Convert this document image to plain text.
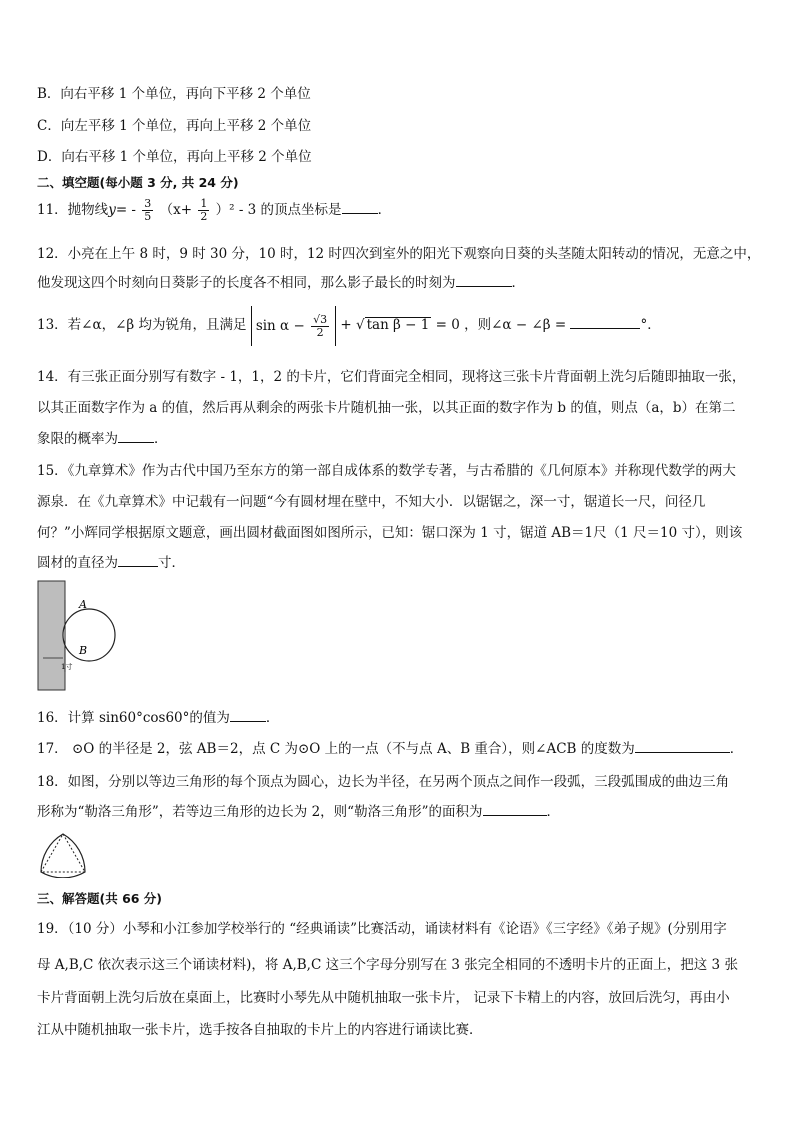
B．向右平移 1 个单位，再向下平移 2 个单位
C．向左平移 1 个单位，再向上平移 2 个单位
D．向右平移 1 个单位，再向上平移 2 个单位
二、填空题(每小题 3 分, 共 24 分)
11．抛物线$y= - \frac{3}{5} (x+ \frac{1}{2} )^2 - 3$ 的顶点坐标是	．
12．小亮在上午 8 时，9 时 30 分，10 时，12 时四次到室外的阳光下观察向日葵的头茎随太阳转动的情况，无意之中，
他发现这四个时刻向日葵影子的长度各不相同，那么影子最长的时刻为	．
13．若∠α，∠β 均为锐角，且满足 $\sin \alpha - \frac{√3}{2}$ + √ tan β − 1 = 0 ，则∠α − ∠β =	°．
14．有三张正面分别写有数字 - 1，1，2 的卡片，它们背面完全相同，现将这三张卡片背面朝上洗匀后随即抽取一张，
以其正面数字作为 a 的值，然后再从剩余的两张卡片随机抽一张，以其正面的数字作为 b 的值，则点（a，b）在第二
象限的概率为	．
15．《九章算术》作为古代中国乃至东方的第一部自成体系的数学专著，与古希腊的《几何原本》并称现代数学的两大
源泉．在《九章算术》中记载有一问题“今有圆材埋在壁中，不知大小．以锯锯之，深一寸，锯道长一尺，问径几
何？”小辉同学根据原文题意，画出圆材截面图如图所示，已知：锯口深为 1 寸，锯道 AB＝1尺（1 尺＝10 寸），则该
圆材的直径为	寸．
A
B
1寸
16．计算 sin60°cos60°的值为	．
17． ⊙O 的半径是 2，弦 AB＝2，点 C 为⊙O 上的一点（不与点 A、B 重合），则∠ACB 的度数为	．
18．如图，分别以等边三角形的每个顶点为圆心，边长为半径，在另两个顶点之间作一段弧，三段弧围成的曲边三角
形称为“勒洛三角形”，若等边三角形的边长为 2，则“勒洛三角形”的面积为	．
三、解答题(共 66 分)
19．（10 分）小琴和小江参加学校举行的 “经典诵读”比赛活动，诵读材料有《论语》《三字经》《弟子规》(分别用字
母 A,B,C 依次表示这三个诵读材料)，将 A,B,C 这三个字母分别写在 3 张完全相同的不透明卡片的正面上，把这 3 张
卡片背面朝上洗匀后放在桌面上，比赛时小琴先从中随机抽取一张卡片， 记录下卡精上的内容，放回后洗匀，再由小
江从中随机抽取一张卡片，选手按各自抽取的卡片上的内容进行诵读比赛．
